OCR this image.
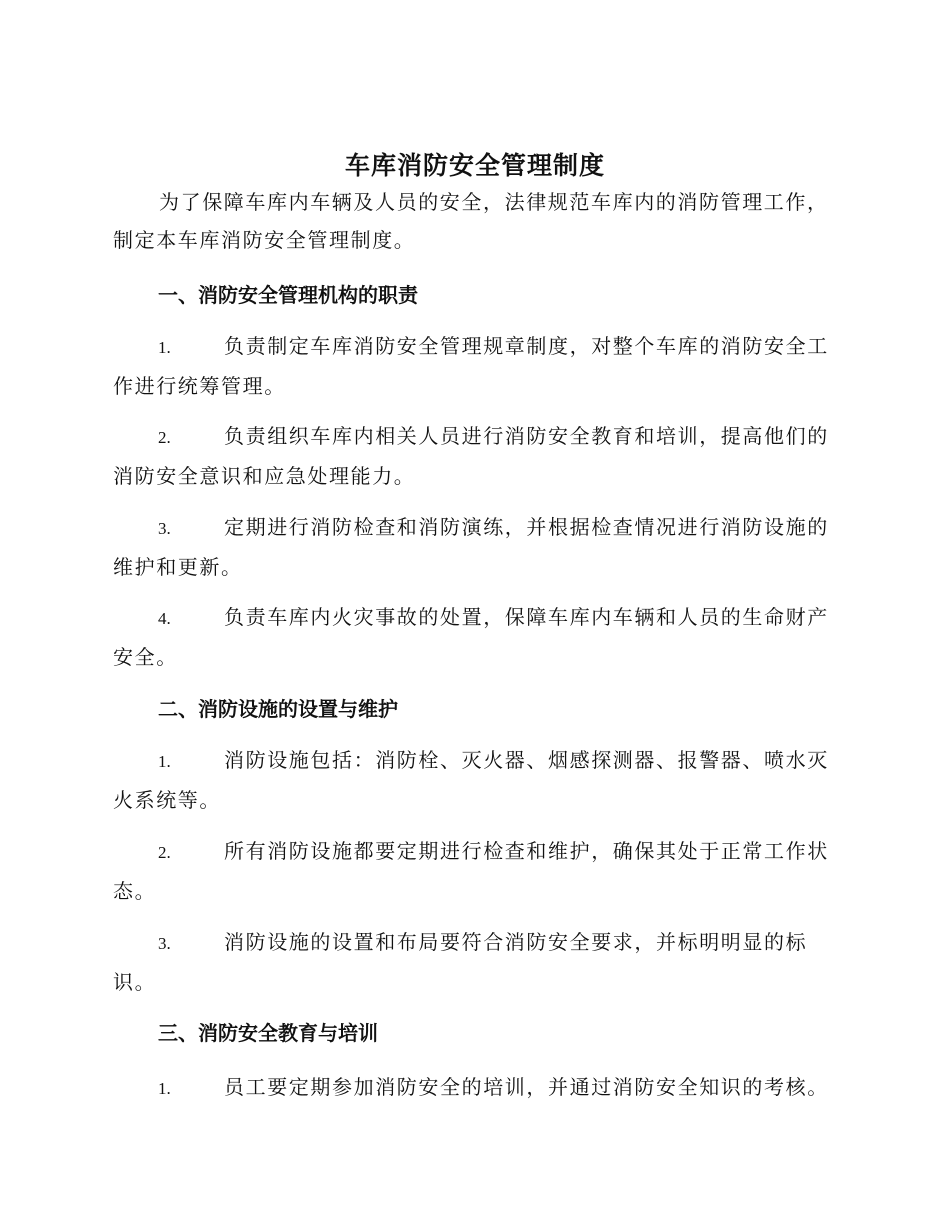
车库消防安全管理制度
为了保障车库内车辆及人员的安全，法律规范车库内的消防管理工作，制定本车库消防安全管理制度。
一、消防安全管理机构的职责
1.	负责制定车库消防安全管理规章制度，对整个车库的消防安全工作进行统筹管理。
2.	负责组织车库内相关人员进行消防安全教育和培训，提高他们的消防安全意识和应急处理能力。
3.	定期进行消防检查和消防演练，并根据检查情况进行消防设施的维护和更新。
4.	负责车库内火灾事故的处置，保障车库内车辆和人员的生命财产安全。
二、消防设施的设置与维护
1.	消防设施包括：消防栓、灭火器、烟感探测器、报警器、喷水灭火系统等。
2.	所有消防设施都要定期进行检查和维护，确保其处于正常工作状态。
3.	消防设施的设置和布局要符合消防安全要求，并标明明显的标识。
三、消防安全教育与培训
1.	员工要定期参加消防安全的培训，并通过消防安全知识的考核。
